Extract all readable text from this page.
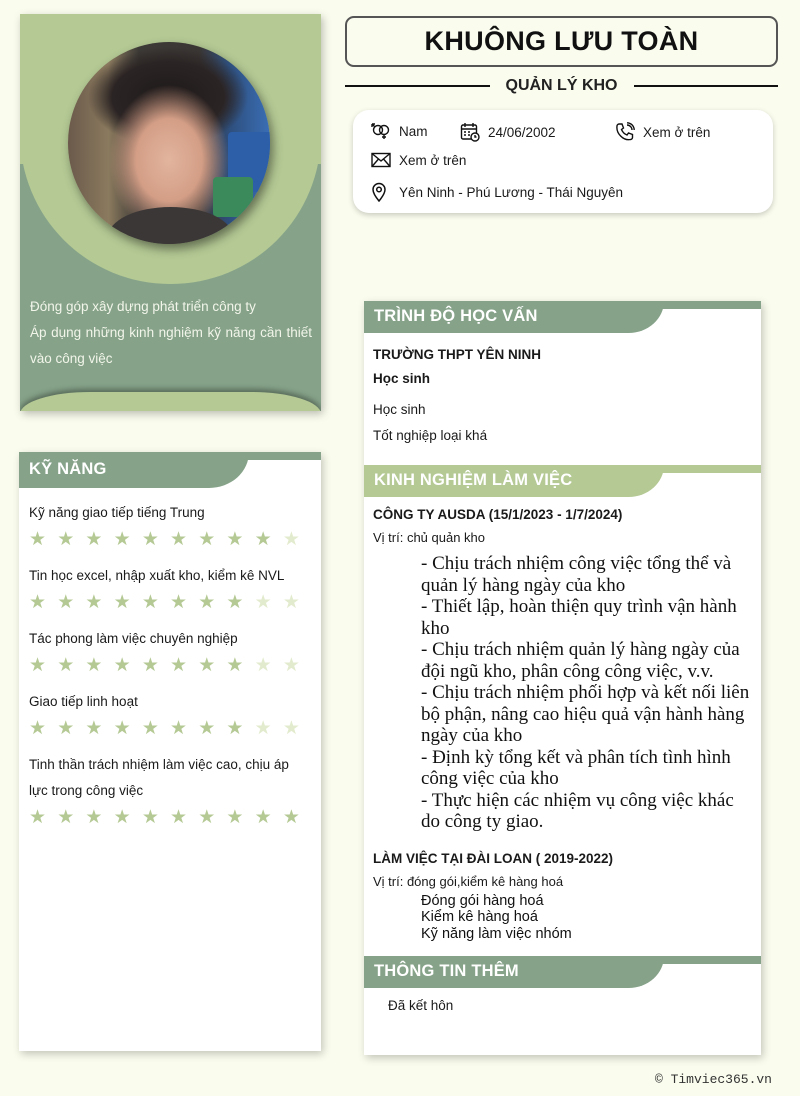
Đóng góp xây dựng phát triển công ty
Áp dụng những kinh nghiệm kỹ năng cần thiết vào công việc
KỸ NĂNG
Kỹ năng giao tiếp tiếng Trung
★ ★ ★ ★ ★ ★ ★ ★ ★ ★
Tin học excel, nhập xuất kho, kiểm kê NVL
★ ★ ★ ★ ★ ★ ★ ★ ★ ★
Tác phong làm việc chuyên nghiệp
★ ★ ★ ★ ★ ★ ★ ★ ★ ★
Giao tiếp linh hoạt
★ ★ ★ ★ ★ ★ ★ ★ ★ ★
Tinh thần trách nhiệm làm việc cao, chịu áp lực trong công việc
★ ★ ★ ★ ★ ★ ★ ★ ★ ★
KHUÔNG LƯU TOÀN
QUẢN LÝ KHO
Nam	24/06/2002	Xem ở trên
Xem ở trên
Yên Ninh - Phú Lương - Thái Nguyên
TRÌNH ĐỘ HỌC VẤN
TRƯỜNG THPT YÊN NINH
Học sinh
Học sinh
Tốt nghiệp loại khá
KINH NGHIỆM LÀM VIỆC
CÔNG TY AUSDA (15/1/2023 - 1/7/2024)
Vị trí: chủ quản kho
- Chịu trách nhiệm công việc tổng thể và quản lý hàng ngày của kho
- Thiết lập, hoàn thiện quy trình vận hành kho
- Chịu trách nhiệm quản lý hàng ngày của đội ngũ kho, phân công công việc, v.v.
- Chịu trách nhiệm phối hợp và kết nối liên bộ phận, nâng cao hiệu quả vận hành hàng ngày của kho
- Định kỳ tổng kết và phân tích tình hình công việc của kho
- Thực hiện các nhiệm vụ công việc khác do công ty giao.
LÀM VIỆC TẠI ĐÀI LOAN ( 2019-2022)
Vị trí: đóng gói,kiểm kê hàng hoá
Đóng gói hàng hoá
Kiểm kê hàng hoá
Kỹ năng làm việc nhóm
THÔNG TIN THÊM
Đã kết hôn
© Timviec365.vn
